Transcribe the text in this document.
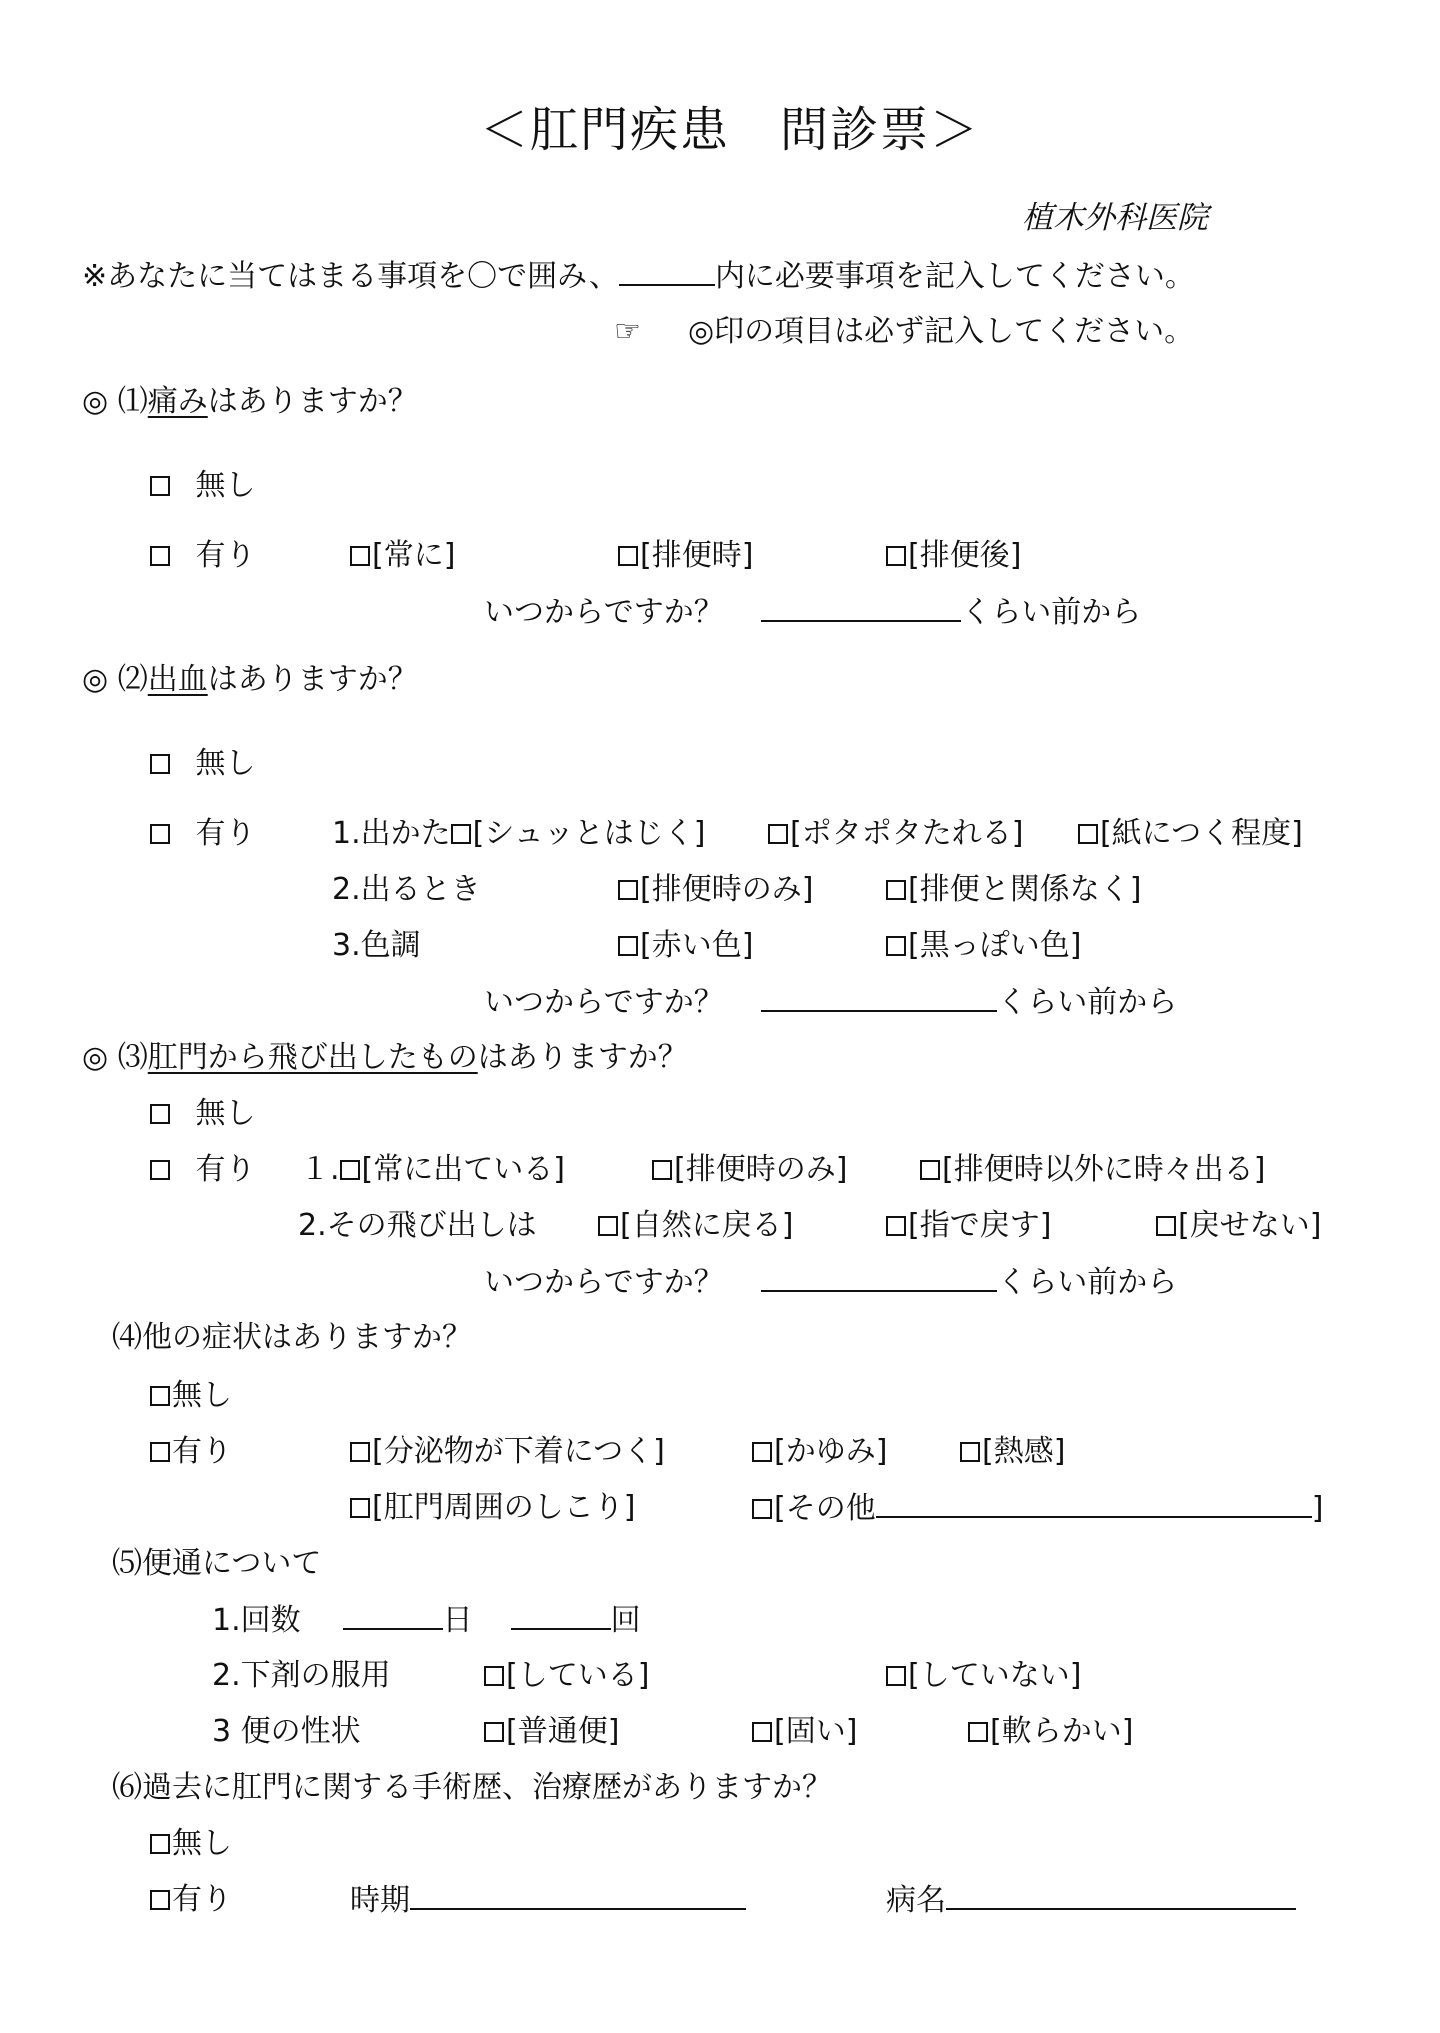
＜肛門疾患　問診票＞
植木外科医院
※あなたに当てはまる事項を〇で囲み、	内に必要事項を記入してください。
☞ ◎印の項目は必ず記入してください。
◎ ⑴痛みはありますか？
無し
有り	[常に]	[排便時]	[排便後]
いつからですか？	くらい前から
◎ ⑵出血はありますか？
無し
有り	1.出かた [シュッとはじく]	[ポタポタたれる]	[紙につく程度]
2.出るとき	[排便時のみ]	[排便と関係なく]
3.色調	[赤い色]	[黒っぽい色]
いつからですか？	くらい前から
◎ ⑶肛門から飛び出したものはありますか？
無し
有り １. [常に出ている]	[排便時のみ]	[排便時以外に時々出る]
2.その飛び出しは	[自然に戻る]	[指で戻す]	[戻せない]
いつからですか？	くらい前から
⑷他の症状はありますか？
無し
有り	[分泌物が下着につく]	[かゆみ]	[熱感]
[肛門周囲のしこり]	[その他	]
⑸便通について
1.回数	日	回
2.下剤の服用	[している]	[していない]
3 便の性状	[普通便]	[固い]	[軟らかい]
⑹過去に肛門に関する手術歴、治療歴がありますか？
無し
有り	時期	病名
